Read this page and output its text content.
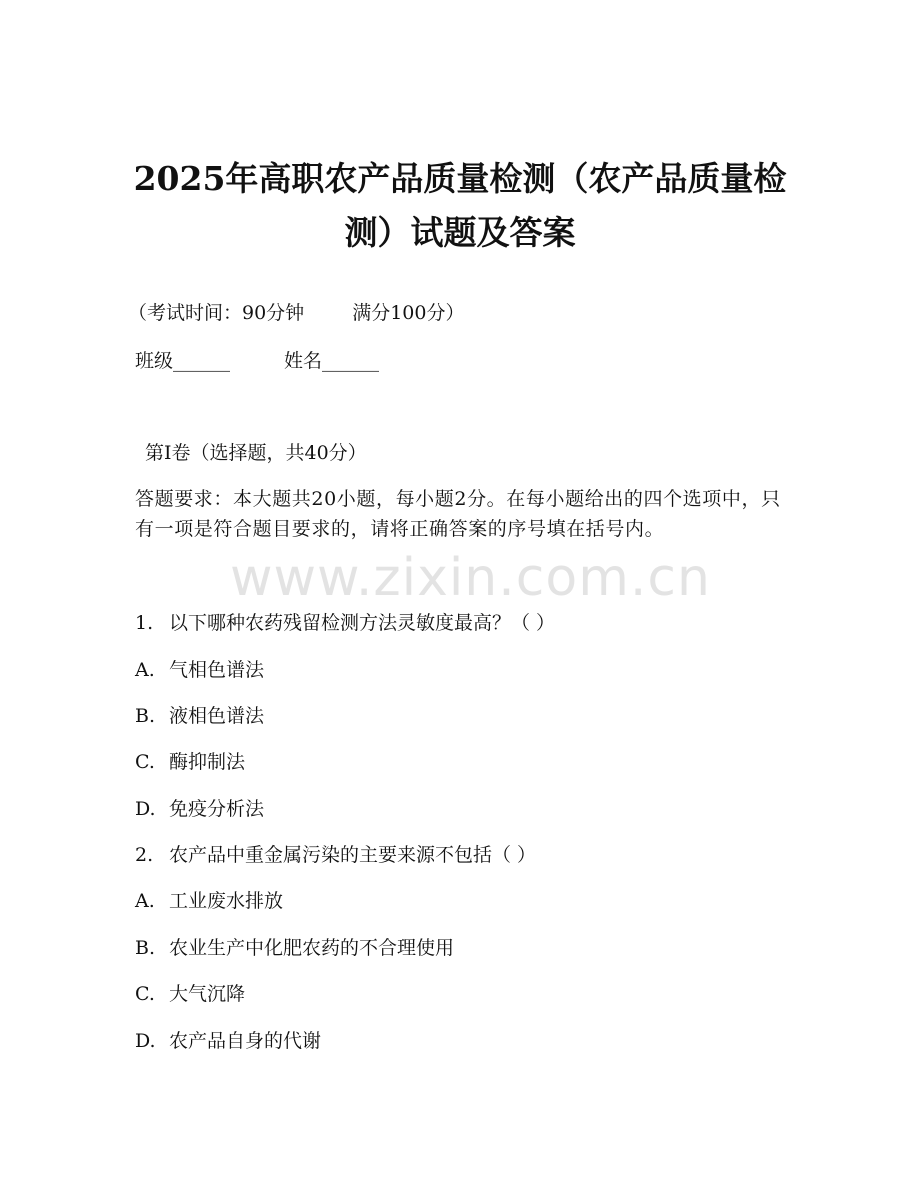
2025年高职农产品质量检测（农产品质量检测）试题及答案
（考试时间：90分钟	满分100分）
班级______	姓名______
第I卷（选择题，共40分）
答题要求：本大题共20小题，每小题2分。在每小题给出的四个选项中，只有一项是符合题目要求的，请将正确答案的序号填在括号内。
www.zixin.com.cn
1. 以下哪种农药残留检测方法灵敏度最高？（ ）
A. 气相色谱法
B. 液相色谱法
C. 酶抑制法
D. 免疫分析法
2. 农产品中重金属污染的主要来源不包括（ ）
A. 工业废水排放
B. 农业生产中化肥农药的不合理使用
C. 大气沉降
D. 农产品自身的代谢
